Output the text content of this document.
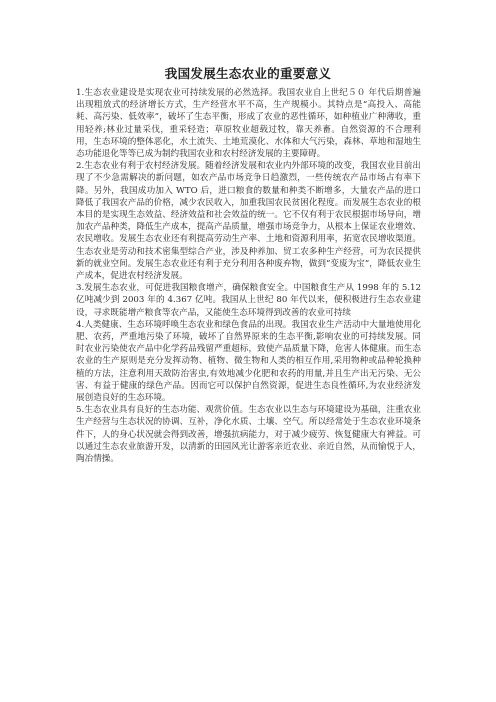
我国发展生态农业的重要意义

1.生态农业建设是实现农业可持续发展的必然选择。我国农业自上世纪５０ 年代后期普遍出现粗放式的经济增长方式，生产经营水平不高，生产规模小。其特点是“高投入、高能耗、高污染、低效率”，破坏了生态平衡，形成了农业的恶性循环，如种植业广种薄收，重用轻养;林业过量采伐，重采轻造；草原牧业超载过牧，靠天养畜。自然资源的不合理利用，生态环境的整体恶化，水土流失、土地荒漠化、水体和大气污染，森林、草地和湿地生态功能退化等等已成为制约我国农业和农村经济发展的主要障碍。

2.生态农业有利于农村经济发展。随着经济发展和农业内外部环境的改变，我国农业目前出现了不少急需解决的新问题，如农产品市场竞争日趋激烈，一些传统农产品市场占有率下降。另外，我国成功加入 WTO 后，进口粮食的数量和种类不断增多，大量农产品的进口降低了我国农产品的价格，减少农民收入，加重我国农民贫困化程度。而发展生态农业的根本目的是实现生态效益、经济效益和社会效益的统一。它不仅有利于农民根据市场导向，增加农产品种类，降低生产成本，提高产品质量，增强市场竞争力，从根本上保证农业增效、农民增收。发展生态农业还有利提高劳动生产率、土地和资源利用率，拓宽农民增收渠道。生态农业是劳动和技术密集型综合产业，涉及种养加、贸工农多种生产经营，可为农民提供新的就业空间。发展生态农业还有利于充分利用各种废弃物，做到“变废为宝”，降低农业生产成本，促进农村经济发展。

3.发展生态农业，可促进我国粮食增产，确保粮食安全。中国粮食生产从 1998 年的 5.12 亿吨减少到 2003 年的 4.367 亿吨。我国从上世纪 80 年代以来，便积极进行生态农业建设，寻求既能增产粮食等农产品，又能使生态环境得到改善的农业可持续

4.人类健康、生态环境呼唤生态农业和绿色食品的出现。我国农业生产活动中大量地使用化肥、农药，严重地污染了环境，破坏了自然界原来的生态平衡,影响农业的可持续发展。同时农业污染使农产品中化学药品残留严重超标，致使产品质量下降，危害人体健康。而生态农业的生产原则是充分发挥动物、植物、微生物和人类的相互作用,采用物种或品种轮换种植的方法，注意利用天敌防治害虫,有效地减少化肥和农药的用量,并且生产出无污染、无公害、有益于健康的绿色产品。因而它可以保护自然资源，促进生态良性循环,为农业经济发展创造良好的生态环境。

5.生态农业具有良好的生态功能、观赏价值。生态农业以生态与环境建设为基础，注重农业生产经营与生态状况的协调、互补，净化水质、土壤、空气。所以经常处于生态农业环境条件下，人的身心状况就会得到改善，增强抗病能力，对于减少疲劳、恢复健康大有裨益。可以通过生态农业旅游开发，以清新的田园风光让游客亲近农业、亲近自然，从而愉悦于人，陶冶情操。
